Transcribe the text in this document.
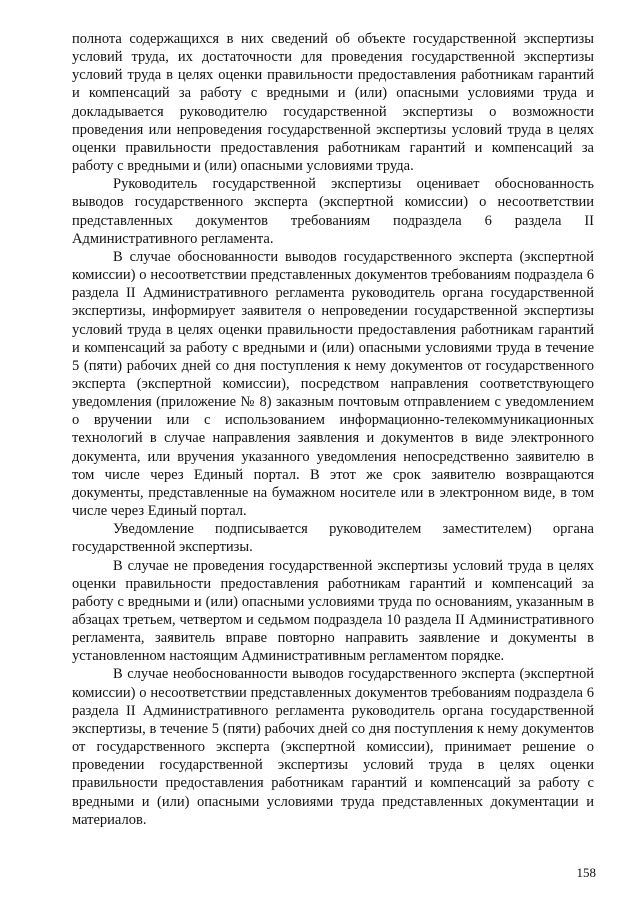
полнота содержащихся в них сведений об объекте государственной экспертизы условий труда, их достаточности для проведения государственной экспертизы условий труда в целях оценки правильности предоставления работникам гарантий и компенсаций за работу с вредными и (или) опасными условиями труда и докладывается руководителю государственной экспертизы о возможности проведения или непроведения государственной экспертизы условий труда в целях оценки правильности предоставления работникам гарантий и компенсаций за работу с вредными и (или) опасными условиями труда.

Руководитель государственной экспертизы оценивает обоснованность выводов государственного эксперта (экспертной комиссии) о несоответствии представленных документов требованиям подраздела 6 раздела II Административного регламента.

В случае обоснованности выводов государственного эксперта (экспертной комиссии) о несоответствии представленных документов требованиям подраздела 6 раздела II Административного регламента руководитель органа государственной экспертизы, информирует заявителя о непроведении государственной экспертизы условий труда в целях оценки правильности предоставления работникам гарантий и компенсаций за работу с вредными и (или) опасными условиями труда в течение 5 (пяти) рабочих дней со дня поступления к нему документов от государственного эксперта (экспертной комиссии), посредством направления соответствующего уведомления (приложение № 8) заказным почтовым отправлением с уведомлением о вручении или с использованием информационно-телекоммуникационных технологий в случае направления заявления и документов в виде электронного документа, или вручения указанного уведомления непосредственно заявителю в том числе через Единый портал. В этот же срок заявителю возвращаются документы, представленные на бумажном носителе или в электронном виде, в том числе через Единый портал.

Уведомление подписывается руководителем заместителем) органа государственной экспертизы.

В случае не проведения государственной экспертизы условий труда в целях оценки правильности предоставления работникам гарантий и компенсаций за работу с вредными и (или) опасными условиями труда по основаниям, указанным в абзацах третьем, четвертом и седьмом подраздела 10 раздела II Административного регламента, заявитель вправе повторно направить заявление и документы в установленном настоящим Административным регламентом порядке.

В случае необоснованности выводов государственного эксперта (экспертной комиссии) о несоответствии представленных документов требованиям подраздела 6 раздела II Административного регламента руководитель органа государственной экспертизы, в течение 5 (пяти) рабочих дней со дня поступления к нему документов от государственного эксперта (экспертной комиссии), принимает решение о проведении государственной экспертизы условий труда в целях оценки правильности предоставления работникам гарантий и компенсаций за работу с вредными и (или) опасными условиями труда представленных документации и материалов.

158
